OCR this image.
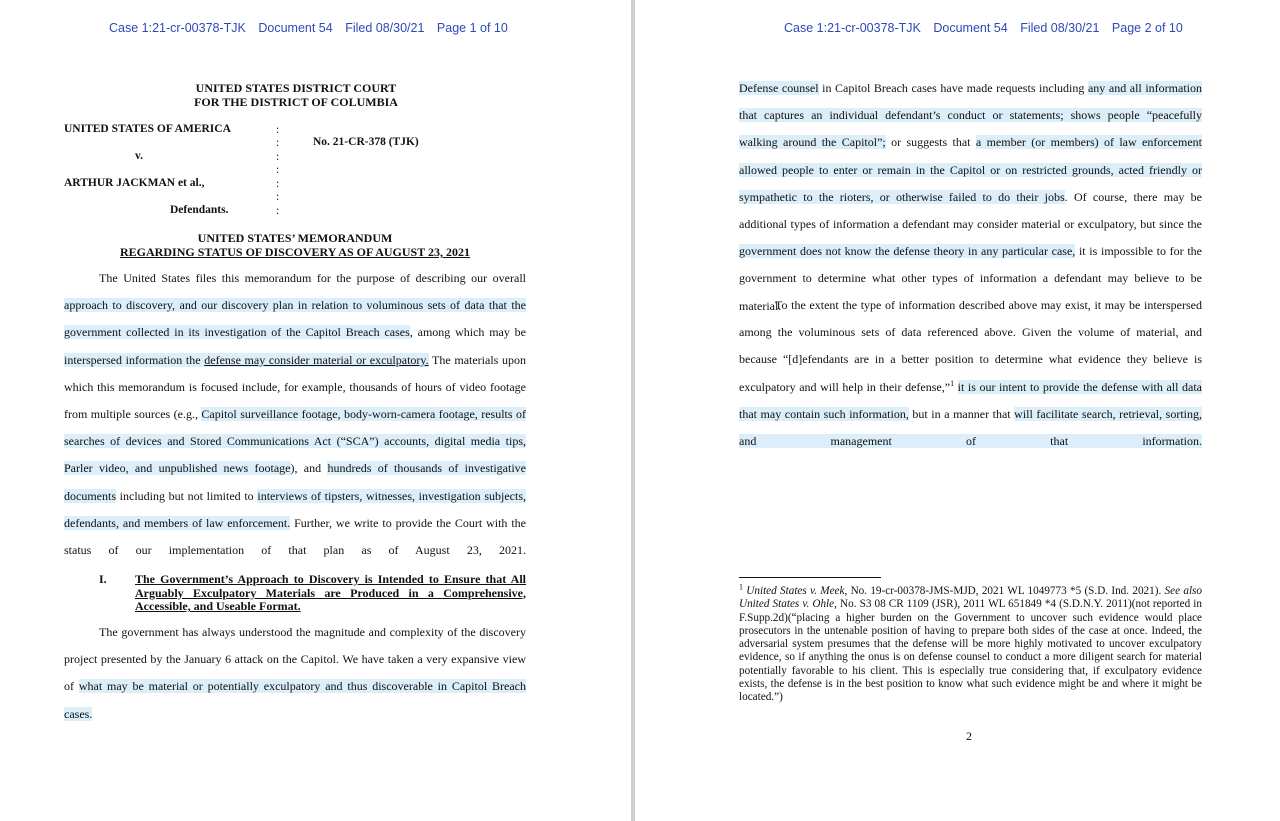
Case 1:21-cr-00378-TJK Document 54 Filed 08/30/21 Page 1 of 10
UNITED STATES DISTRICT COURT
FOR THE DISTRICT OF COLUMBIA
UNITED STATES OF AMERICA
v.
ARTHUR JACKMAN et al.,
Defendants.
No. 21-CR-378 (TJK)
:
:
:
:
:
:
:
UNITED STATES’ MEMORANDUM
REGARDING STATUS OF DISCOVERY AS OF AUGUST 23, 2021
The United States files this memorandum for the purpose of describing our overall approach to discovery, and our discovery plan in relation to voluminous sets of data that the government collected in its investigation of the Capitol Breach cases, among which may be interspersed information the defense may consider material or exculpatory. The materials upon which this memorandum is focused include, for example, thousands of hours of video footage from multiple sources (e.g., Capitol surveillance footage, body-worn-camera footage, results of searches of devices and Stored Communications Act (“SCA”) accounts, digital media tips, Parler video, and unpublished news footage), and hundreds of thousands of investigative documents including but not limited to interviews of tipsters, witnesses, investigation subjects, defendants, and members of law enforcement. Further, we write to provide the Court with the status of our implementation of that plan as of August 23, 2021.
I. The Government’s Approach to Discovery is Intended to Ensure that All Arguably Exculpatory Materials are Produced in a Comprehensive, Accessible, and Useable Format.
The government has always understood the magnitude and complexity of the discovery project presented by the January 6 attack on the Capitol. We have taken a very expansive view of what may be material or potentially exculpatory and thus discoverable in Capitol Breach cases.
Case 1:21-cr-00378-TJK Document 54 Filed 08/30/21 Page 2 of 10
Defense counsel in Capitol Breach cases have made requests including any and all information that captures an individual defendant’s conduct or statements; shows people “peacefully walking around the Capitol”; or suggests that a member (or members) of law enforcement allowed people to enter or remain in the Capitol or on restricted grounds, acted friendly or sympathetic to the rioters, or otherwise failed to do their jobs. Of course, there may be additional types of information a defendant may consider material or exculpatory, but since the government does not know the defense theory in any particular case, it is impossible to for the government to determine what other types of information a defendant may believe to be material.
To the extent the type of information described above may exist, it may be interspersed among the voluminous sets of data referenced above. Given the volume of material, and because “[d]efendants are in a better position to determine what evidence they believe is exculpatory and will help in their defense,”$^1$ it is our intent to provide the defense with all data that may contain such information, but in a manner that will facilitate search, retrieval, sorting, and management of that information.
$^1$ United States v. Meek, No. 19-cr-00378-JMS-MJD, 2021 WL 1049773 *5 (S.D. Ind. 2021). See also United States v. Ohle, No. S3 08 CR 1109 (JSR), 2011 WL 651849 *4 (S.D.N.Y. 2011)(not reported in F.Supp.2d)(“placing a higher burden on the Government to uncover such evidence would place prosecutors in the untenable position of having to prepare both sides of the case at once. Indeed, the adversarial system presumes that the defense will be more highly motivated to uncover exculpatory evidence, so if anything the onus is on defense counsel to conduct a more diligent search for material potentially favorable to his client. This is especially true considering that, if exculpatory evidence exists, the defense is in the best position to know what such evidence might be and where it might be located.”)
2
